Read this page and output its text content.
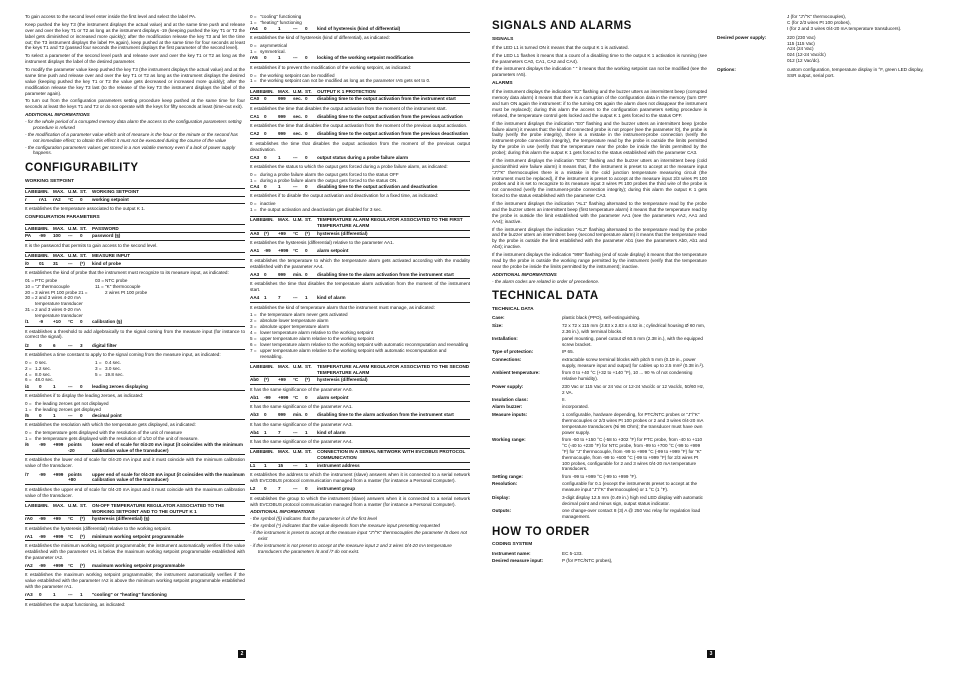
To gain access to the second level enter inside the first level and select the label PA.

Keep pushed the key T3 (the instrument displays the actual value) and at the same time push and release over and over the key T1 or T2 as long as the instrument displays -19 (keeping pushed the key T1 or T2 the label gets diminished or increased more quickly); after the modification release the key T3 and let the time out; the T3 instrument displays the label PA again), keep pushed at the same time for four seconds at least the keys T1 and T2 (passed four seconds the instrument displays the first parameter of the second level).

To select a parameter of the second level push and release over and over the key T1 or T2 as long as the instrument displays the label of the desired parameter.

To modify the parameter value keep pushed the key T3 (the instrument displays the actual value) and at the same time push and release over and over the key T1 or T2 as long as the instrument displays the desired value (keeping pushed the key T1 or T2 the value gets decreased or increased more quickly); after the modification release the key T3 last (to the release of the key T3 the instrument displays the label of the parameter again).

To turn out from the configuration parameters setting procedure keep pushed at the same time for four seconds at least the keys T1 and T2 or do not operate with the keys for fifty seconds at least (time-out exit).

ADDITIONAL INFORMATIONS
- for the whole period of a corrupted memory data alarm the access to the configuration parameters setting procedure is refused
- the modification of a parameter value which unit of measure is the hour or the minute or the second has not immediate effect; to obtain this effect it must not be executed during the course of the value
- the configuration parameters values get stored in a non volatile memory even if a lack of power supply happens.
CONFIGURABILITY
WORKING SETPOINT
LABEL
MIN. MAX. U.M. ST.	WORKING SETPOINT
r	rA1	rA2	°C	0	working setpoint

It establishes the temperature associated to the output K 1.

CONFIGURATION PARAMETERS
LABEL
MIN. MAX. U.M. ST.	PASSWORD
PA	-99	100	---	0	password (§)

It is the password that permits to gain access to the second level.

LABEL
MIN. MAX. U.M. ST.	MEASURE INPUT
/0	01	31	---	(*)	kind of probe

It establishes the kind of probe that the instrument must recognize to its measure input, as indicated:

01 = PTC probe	03 = NTC probe
10 = "J" thermocouple	11 = "K" thermocouple
20 = 3 wires Pt 100 probe 21 =	2 wires Pt 100 probe
30 = 2 and 3 wires 4-20 mA temperature transducer
31 = 2 and 3 wires 0-20 mA temperature transducer
/1	-9	+10	°C	0	calibration (§)

It establishes a threshold to add algebraically to the signal coming from the measure input (for instance to correct the signal).

/2	0	6	---	3	digital filter

It establishes a time constant to apply to the signal coming from the measure input, as indicated:

0 = 0 sec.	1 = 0.4 sec.
2 = 1.2 sec.	3 = 3.0 sec.
4 = 8.0 sec.	5 = 19.8 sec.
6 = 48.0 sec.
/4	0	1	---	0	leading zeroes displaying

It establishes if to display the leading zeroes, as indicated:

0 = the leading zeroes get not displayed
1 = the leading zeroes get displayed
/5	0	1	---	0	decimal point

It establishes the resolution with which the temperature gets displayed, as indicated:

0 = the temperature gets displayed with the resolution of the unit of measure
1 = the temperature gets displayed with the resolution of 1/10 of the unit of measure.
/6	-99	+999	points -20
lower end of scale for 0/4-20 mA input (it coincides with the minimum calibration value of the transducer)

It establishes the lower end of scale for 0/4-20 mA input and it must coincide with the minimum calibration value of the transducer.

/7	-99	+999	points +80
upper end of scale for 0/4-20 mA input (it coincides with the maximum calibration value of the transducer)

It establishes the upper end of scale for 0/4-20 mA input and it must coincide with the maximum calibration value of the transducer.

LABEL
MIN. MAX. U.M. ST.	ON-OFF TEMPERATURE REGULATOR ASSOCIATED TO THE WORKING SETPOINT AND TO THE OUTPUT K 1
rA0	-99	+99	°C	(*)	hysteresis (differential) (§)

It establishes the hysteresis (differential) relative to the working setpoint.

rA1	-99	+999	°C	(*)	minimum working setpoint programmable

It establishes the minimum working setpoint programmable; the instrument automatically verifies if the value established with the parameter rA1 is below the maximum working setpoint programmable established with the parameter rA2.

rA2	-99	+999	°C	(*)	maximum working setpoint programmable

It establishes the maximum working setpoint programmable; the instrument automatically verifies if the value established with the parameter rA2 is above the minimum working setpoint programmable established with the parameter rA1.

rA3	0	1	---	1	"cooling" or "heating" functioning

It establishes the output functioning, as indicated:

0 = "cooling" functioning
1 = "heating" functioning
rA4	0	1	---	0	kind of hysteresis (kind of differential)

It establishes the kind of hysteresis (kind of differential), as indicated:

0 = asymmetrical
1 = symmetrical.
rA5	0	1	---	0	locking of the working setpoint modification

It establishes if to prevent the modification of the working setpoint, as indicated:

0 = the working setpoint can be modified
1 = the working setpoint can not be modified as long as the parameter rA5 gets set to 0.
LABEL
MIN. MAX. U.M. ST.	OUTPUT K 1 PROTECTION
CA0	0	999	sec. 0	disabling time to the output activation from the instrument start

It establishes the time that disables the output activation from the moment of the instrument start.

CA1	0	999	sec. 0	disabling time to the output activation from the previous activation

It establishes the time that disables the output activation from the moment of the previous output activation.

CA2	0	999	sec. 0	disabling time to the output activation from the previous deactivation

It establishes the time that disables the output activation from the moment of the previous output deactivation.

CA3	0	1	---	0	output status during a probe failure alarm

It establishes the status to which the output gets forced during a probe failure alarm, as indicated:

0 = during a probe failure alarm the output gets forced to the status OFF
1 = during a probe failure alarm the output gets forced to the status ON.
CA4	0	1	---	0	disabling time to the output activation and deactivation

It establishes if to disable the output activation and deactivation for a fixed time, as indicated:

0 = inactive
1 = the output activation and deactivation get disabled for 3 sec.
LABEL
MIN. MAX. U.M. ST.	TEMPERATURE ALARM REGULATOR ASSOCIATED TO THE FIRST TEMPERATURE ALARM
AA0	(*)	+99	°C	(*)	hysteresis (differential)

It establishes the hysteresis (differential) relative to the parameter AA1.

AA1	-99	+999	°C	0	alarm setpoint

It establishes the temperature to which the temperature alarm gets activated according with the modality established with the parameter AA4.

AA3	0	999	min. 0	disabling time to the alarm activation from the instrument start

It establishes the time that disables the temperature alarm activation from the moment of the instrument start.

AA4	1	7	---	1	kind of alarm

It establishes the kind of temperature alarm that the instrument must manage, as indicated:

1 = the temperature alarm never gets activated
2 = absolute lower temperature alarm
3 = absolute upper temperature alarm
4 = lower temperature alarm relative to the working setpoint
5 = upper temperature alarm relative to the working setpoint
6 = lower temperature alarm relative to the working setpoint with automatic reconmputation and reenabling
7 = upper temperature alarm relative to the working setpoint with automatic reconmputation and reenabling.
LABEL
MIN. MAX. U.M. ST.	TEMPERATURE ALARM REGULATOR ASSOCIATED TO THE SECOND TEMPERATURE ALARM
Ab0	(*)	+99	°C	(*)	hysteresis (differential)

It has the same significance of the parameter AA0.

Ab1	-99	+999	°C	0	alarm setpoint

It has the same significance of the parameter AA1.

Ab3	0	999	min. 0	disabling time to the alarm activation from the instrument start

It has the same significance of the parameter AA3.

Ab4	1	7	---	1	kind of alarm

It has the same significance of the parameter AA4.

LABEL
MIN. MAX. U.M. ST.	CONNECTION IN A SERIAL NETWORK WITH EVCOBUS PROTOCOL COMMUNICATION
L1	1	15	---	1	instrument address

It establishes the address to which the instrument (slave) answers when it is connected to a serial network with EVCOBUS protocol communication managed from a master (for instance a Personal Computer).

L2	0	7	---	0	instrument group

It establishes the group to which the instrument (slave) answers when it is connected to a serial network with EVCOBUS protocol communication managed from a master (for instance a Personal Computer).

ADDITIONAL INFORMATIONS
- the symbol (§) indicates that the parameter is of the first level
- the symbol (*) indicates that the value depends from the measure input presetting requested
- if the instrument is preset to accept at the measure input "J"/"K" thermocouples the parameter /5 does not exist
- if the instrument is not preset to accept at the measure input 2 and 3 wires 0/4-20 mA temperature transducers the parameters /6 and /7 do not exist.
SIGNALS AND ALARMS
SIGNALS

If the LED L1 is turned ON it means that the output K 1 is activated.

If the LED L1 flashes it means that a count of a disabling time to the output K 1 activation is running (see the parameters CA0, CA1, CA2 and CA4).

If the instrument displays the indication " " it means that the working setpoint can not be modified (see the parameters rA5).

ALARMS

If the instrument displays the indication "E2" flashing and the buzzer utters an intermittent beep (corrupted memory data alarm) it means that there is a corruption of the configuration data in the memory (turn OFF and turn ON again the instrument: if to the turning ON again the alarm does not disappear the instrument must be replaced); during this alarm the access to the configuration parameters setting procedure is refused, the temperature control gets locked and the output K 1 gets forced to the status OFF.

If the instrument displays the indication "E0" flashing and the buzzer utters an intermittent beep (probe failure alarm) it means that: the kind of connected probe is not proper (see the parameter /0), the probe is faulty (verify the probe integrity), there is a mistake in the instrument-probe connection (verify the instrument-probe connection integrity), the temperature read by the probe is outside the limits permitted by the probe in use (verify that the temperature near the probe be inside the limits permitted by the probe); during this alarm the output K 1 gets forced to the status established with the parameter CA3.

If the instrument displays the indication "E0C" flashing and the buzzer utters an intermittent beep (cold junction/third wire failure alarm) it means that, if the instrument is preset to accept at the measure input "J"/"K" thermocouples there is a mistake in the cold junction temperature measuring circuit (the instrument must be replaced), if the instrument is preset to accept at the measure input 2/3 wires Pt 100 probes and it is set to recognize to its measure input 3 wires Pt 100 probes the third wire of the probe is not connected (verify the instrument-probe connection integrity); during this alarm the output K 1 gets forced to the status established with the parameter CA3.

If the instrument displays the indication "AL1" flashing alternated to the temperature read by the probe and the buzzer utters an intermittent beep (first temperature alarm) it means that the temperature read by the probe is outside the limit established with the parameter AA1 (see the parameters AA2, AA1 and AA4); inactive.

If the instrument displays the indication "AL2" flashing alternated to the temperature read by the probe and the buzzer utters an intermittent beep (second temperature alarm) it means that the temperature read by the probe is outside the limit established with the parameter Ab1 (see the parameters Ab0, Ab1 and Ab4); inactive.

If the instrument displays the indication "999" flashing (end of scale display) it means that the temperature read by the probe is outside the working range permitted by the instrument (verify that the temperature near the probe be inside the limits permitted by the instrument); inactive.

ADDITIONAL INFORMATIONS
- the alarm codes are related in order of precedence.
TECHNICAL DATA
TECHNICAL DATA
Case:	plastic black (PPO), self-extinguishing.
Size:	72 x 72 x 115 mm (2.83 x 2.83 x 4.52 in.; cylindrical housing Ø 60 mm, 2.36 in.), with terminal blocks.
Installation:	panel mounting, panel cutout Ø 60.5 mm (2.38 in.), with the equipped screw bracket.
Type of protection:	IP 65.
Connections:	extractable screw terminal blocks with pitch 5 mm (0.19 in., power supply, measure input and output) for cables up to 2.5 mm² (0.38 in.²).
Ambient temperature:	from 0 to +40 °C (+32 to +140 °F), 10 ... 90 % of not condensing relative humidity).
Power supply:	230 Vac or 115 Vac or 24 Vac or 12-24 Vac/dc or 12 Vac/dc, 50/60 Hz, 2 VA.
Insulation class:	II.
Alarm buzzer:	incorporated.
Measure inputs:	1 configurable, hardware depending, for PTC/NTC probes or "J"/"K" thermocouples or 2/3 wires Pt 100 probes or 2 and 3 wires 0/4-20 mA temperature transducers (Ni 96 Ohm); the transducer must have own power supply.
Working range:	from -50 to +150 °C (-58 to +302 °F) for PTC probe, from -40 to +110 °C (-40 to +230 °F) for NTC probe, from -99 to +700 °C (-99 to +999 °F) for "J" thermocouple, from -99 to +999 °C (-99 to +999 °F) for "K" thermocouple, from -99 to +600 °C (-99 to +999 °F) for 2/3 wires Pt 100 probes, configurable for 2 and 3 wires 0/4-20 mA temperature transducers.
Setting range:	from -99 to +999 °C (-99 to +999 °F).
Resolution:	configurable for 0.1 (except the instruments preset to accept at the measure input "J"/"K" thermocouples) or 1 °C (1 °F).
Display:	3-digit display 12.5 mm (0.49 in.) high red LED display with automatic decimal point and minus sign, output status indicator.
Outputs:	one change-over contact 8 (3) A @ 250 Vac relay for regulation load management.
HOW TO ORDER
CODING SYSTEM
Instrument name:	EC 5-133.
Desired measure input:	P (for PTC/NTC probes),
J (for "J"/"K" thermocouples),
C (for 2/3 wires Pt 100 probes),
I (for 2 and 3 wires 0/4-20 mA temperature transducers).
Desired power supply:	220 (230 Vac)
115 (115 Vac)
A24 (24 Vac)
024 (12-24 Vac/dc)
012 (12 Vac/dc).
Options:	custom configuration, temperature display in °F, green LED display, SSR output, serial port.
2	3
